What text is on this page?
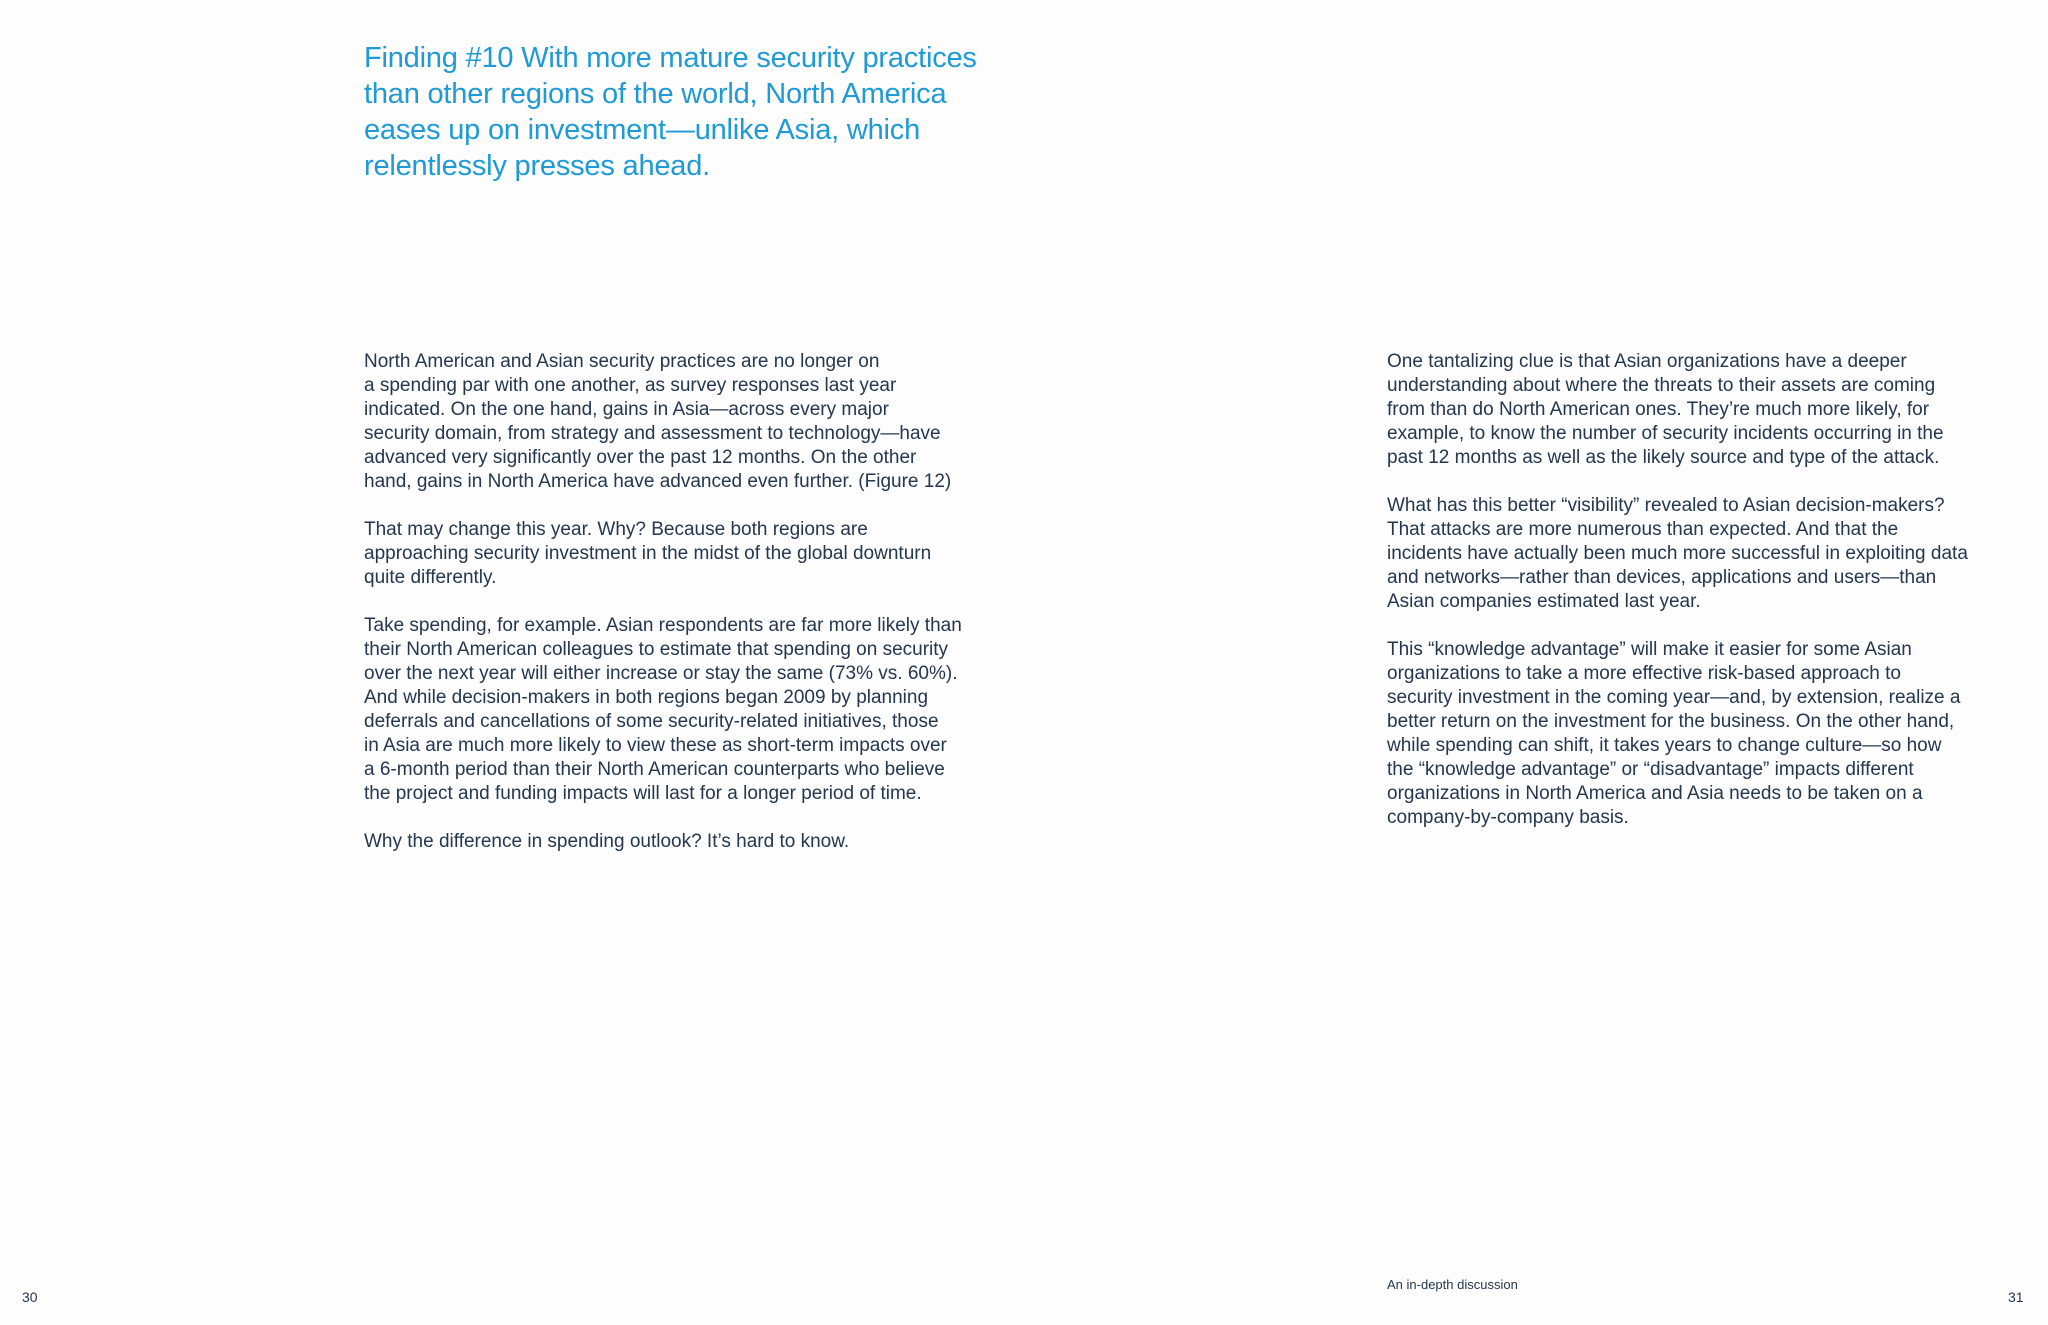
Finding #10 With more mature security practices than other regions of the world, North America eases up on investment—unlike Asia, which relentlessly presses ahead.

North American and Asian security practices are no longer on
a spending par with one another, as survey responses last year
indicated. On the one hand, gains in Asia—across every major
security domain, from strategy and assessment to technology—have
advanced very significantly over the past 12 months. On the other
hand, gains in North America have advanced even further. (Figure 12)

That may change this year. Why? Because both regions are
approaching security investment in the midst of the global downturn
quite differently.

Take spending, for example. Asian respondents are far more likely than
their North American colleagues to estimate that spending on security
over the next year will either increase or stay the same (73% vs. 60%).
And while decision-makers in both regions began 2009 by planning
deferrals and cancellations of some security-related initiatives, those
in Asia are much more likely to view these as short-term impacts over
a 6-month period than their North American counterparts who believe
the project and funding impacts will last for a longer period of time.

Why the difference in spending outlook? It’s hard to know.

One tantalizing clue is that Asian organizations have a deeper
understanding about where the threats to their assets are coming
from than do North American ones. They’re much more likely, for
example, to know the number of security incidents occurring in the
past 12 months as well as the likely source and type of the attack.

What has this better “visibility” revealed to Asian decision-makers?
That attacks are more numerous than expected. And that the
incidents have actually been much more successful in exploiting data
and networks—rather than devices, applications and users—than
Asian companies estimated last year.

This “knowledge advantage” will make it easier for some Asian
organizations to take a more effective risk-based approach to
security investment in the coming year—and, by extension, realize a
better return on the investment for the business. On the other hand,
while spending can shift, it takes years to change culture—so how
the “knowledge advantage” or “disadvantage” impacts different
organizations in North America and Asia needs to be taken on a
company-by-company basis.

An in-depth discussion
30	31
